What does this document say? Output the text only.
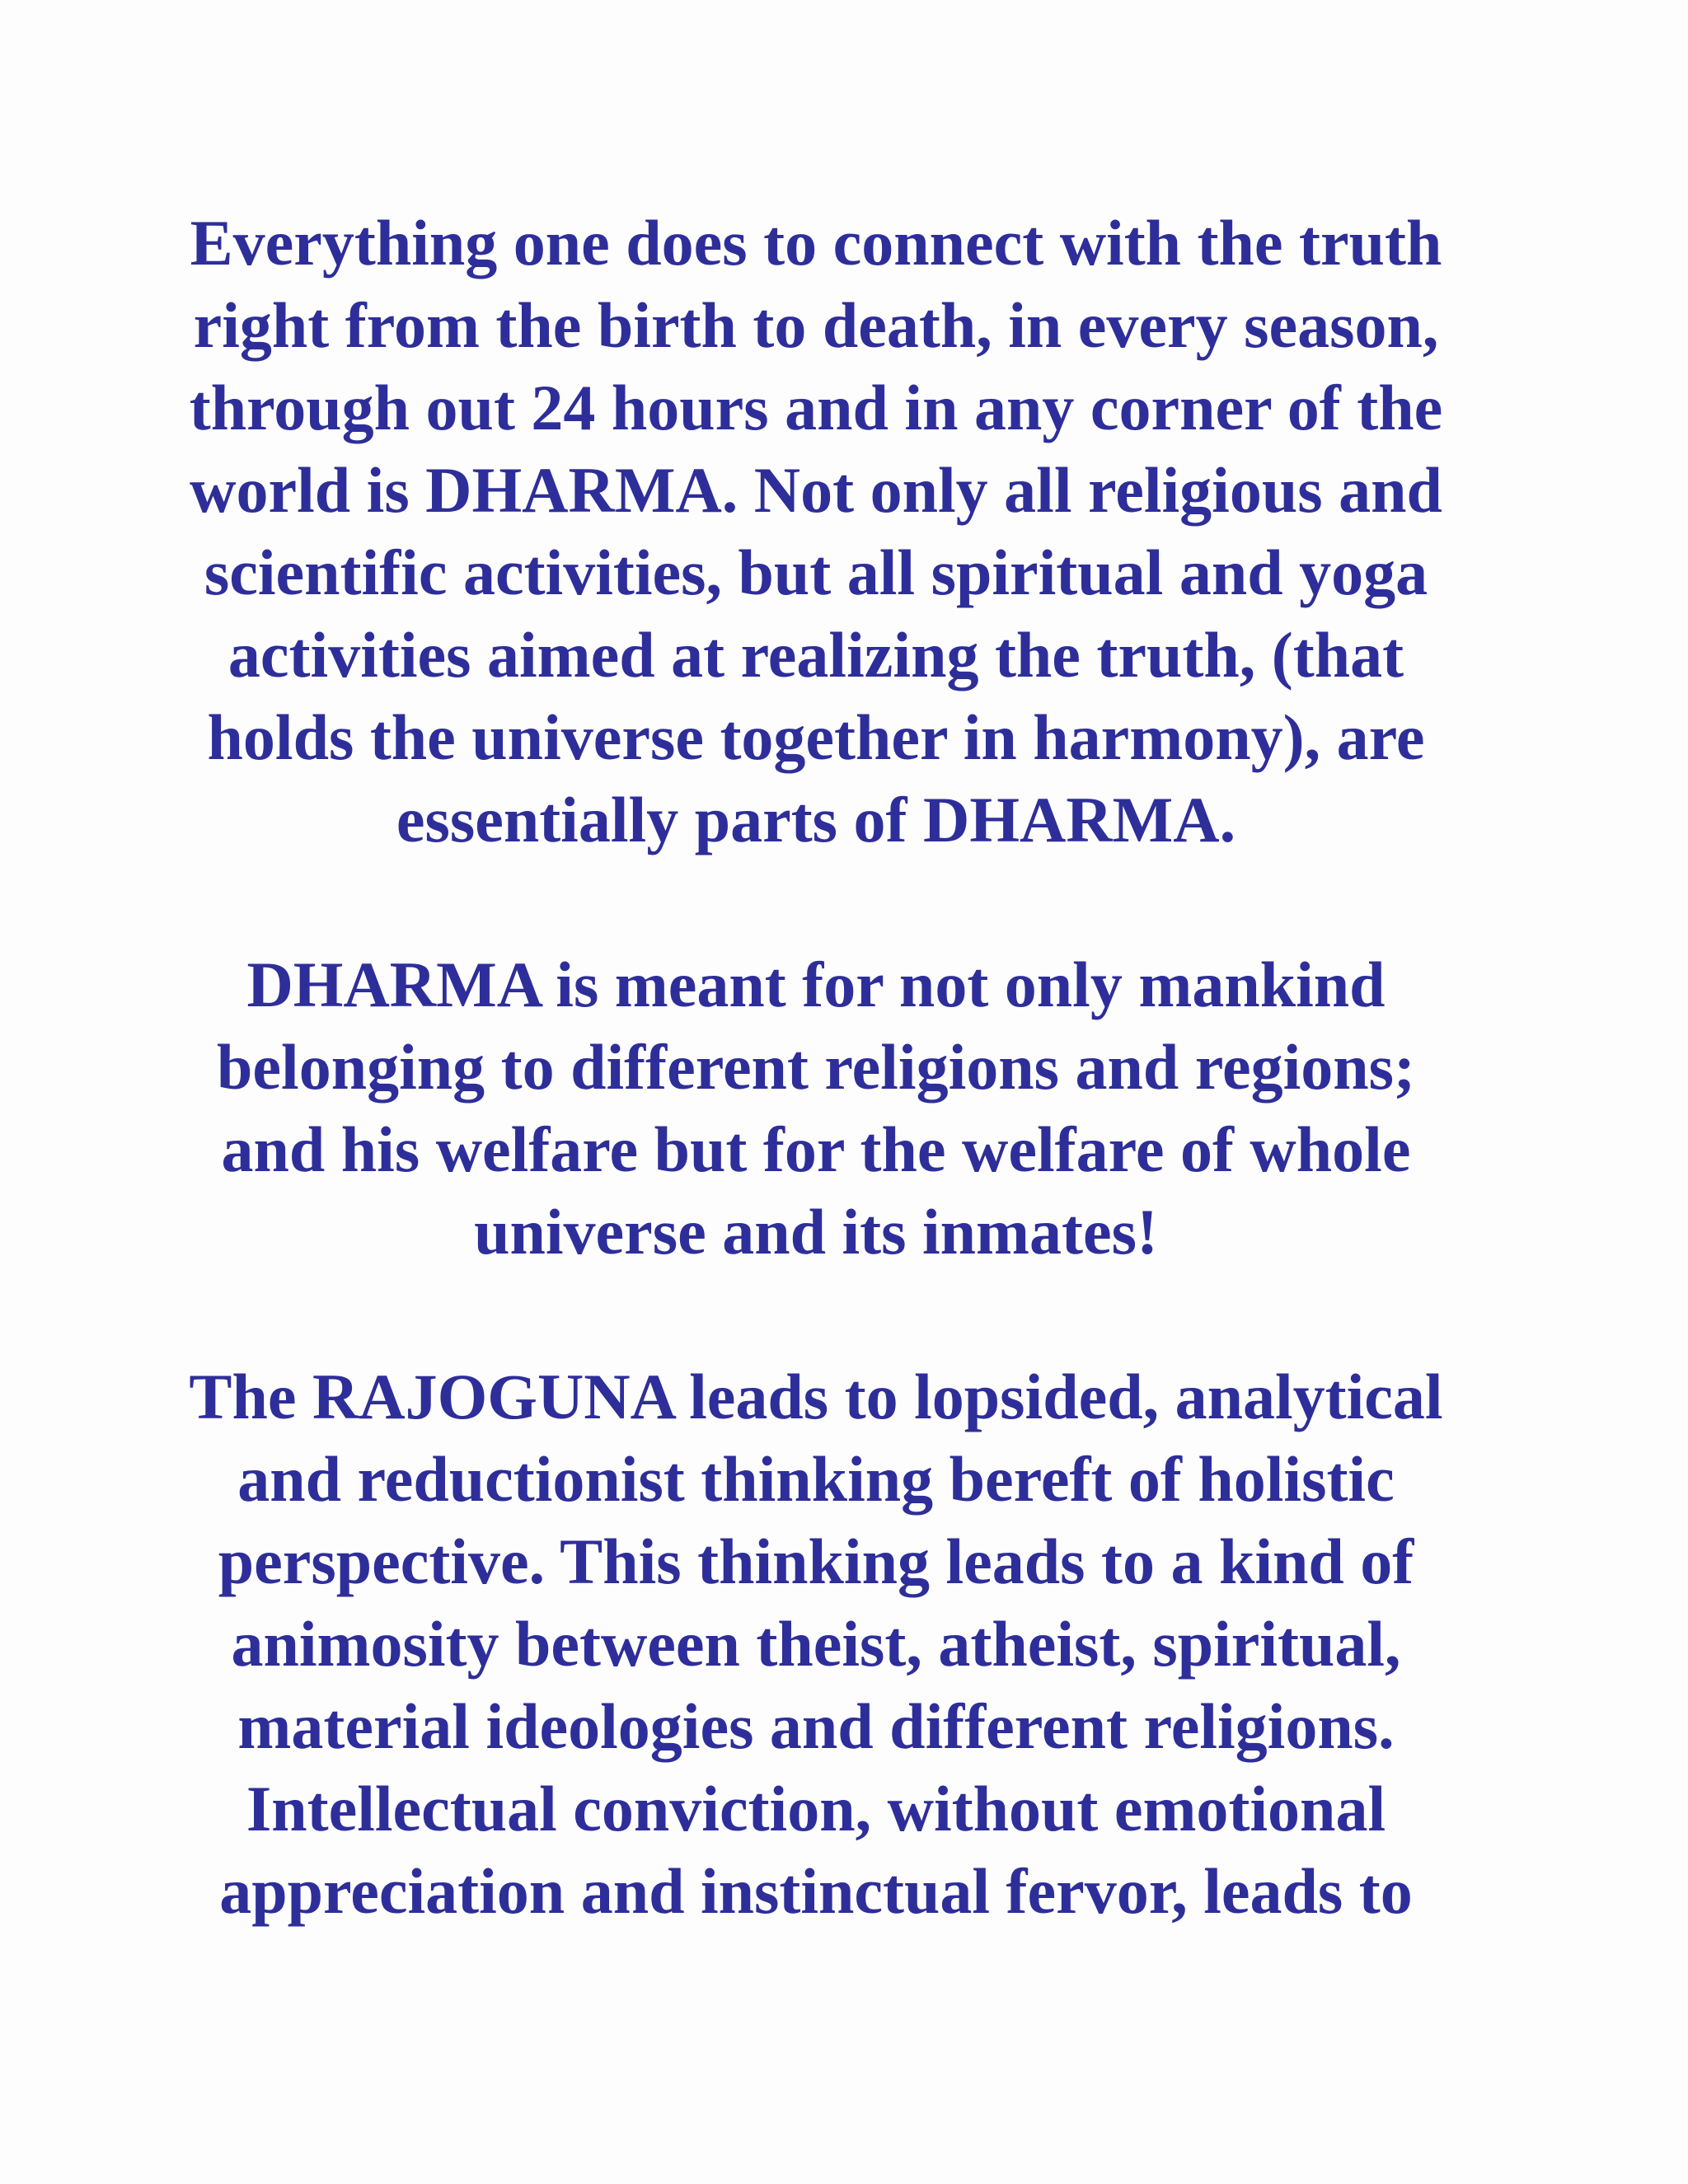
Everything one does to connect with the truth
right from the birth to death, in every season,
through out 24 hours and in any corner of the
world is DHARMA. Not only all religious and
scientific activities, but all spiritual and yoga
activities aimed at realizing the truth, (that
holds the universe together in harmony), are
essentially parts of DHARMA.

DHARMA is meant for not only mankind
belonging to different religions and regions;
and his welfare but for the welfare of whole
universe and its inmates!

The RAJOGUNA leads to lopsided, analytical
and reductionist thinking bereft of holistic
perspective. This thinking leads to a kind of
animosity between theist, atheist, spiritual,
material ideologies and different religions.
Intellectual conviction, without emotional
appreciation and instinctual fervor, leads to
